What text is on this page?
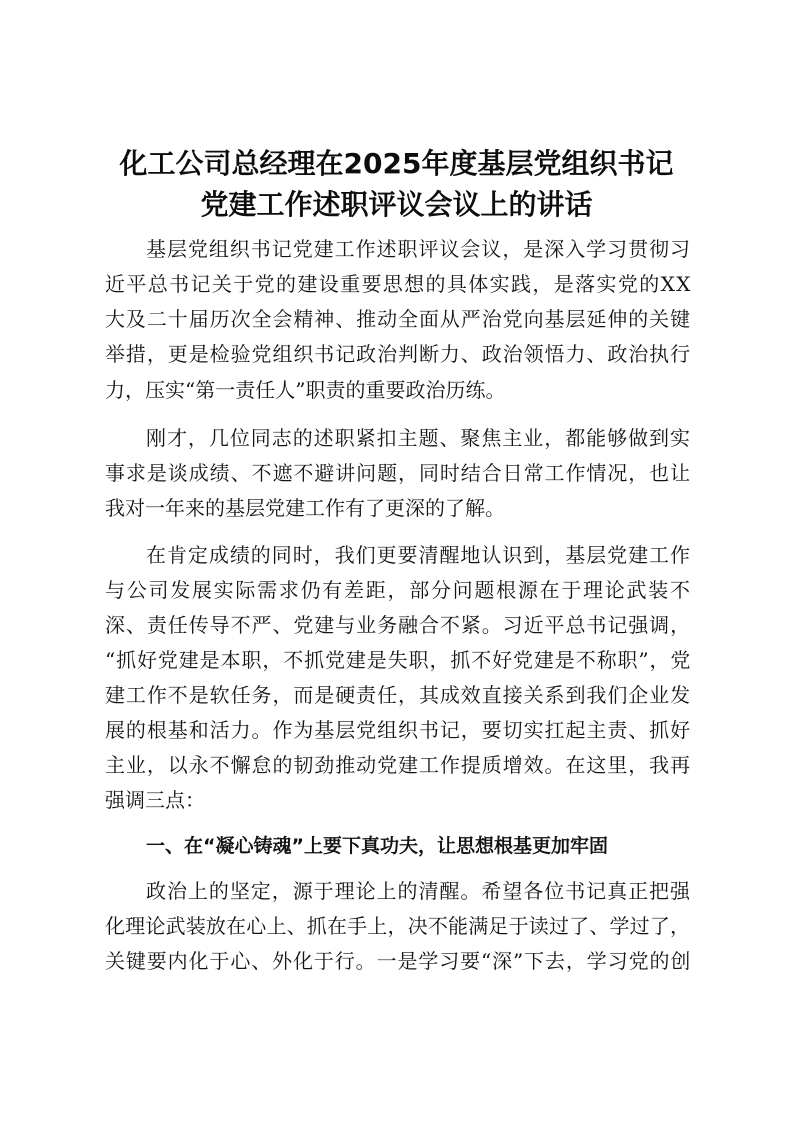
化工公司总经理在2025年度基层党组织书记
党建工作述职评议会议上的讲话
基层党组织书记党建工作述职评议会议，是深入学习贯彻习
近平总书记关于党的建设重要思想的具体实践，是落实党的XX
大及二十届历次全会精神、推动全面从严治党向基层延伸的关键
举措，更是检验党组织书记政治判断力、政治领悟力、政治执行
力，压实“第一责任人”职责的重要政治历练。
刚才，几位同志的述职紧扣主题、聚焦主业，都能够做到实
事求是谈成绩、不遮不避讲问题，同时结合日常工作情况，也让
我对一年来的基层党建工作有了更深的了解。
在肯定成绩的同时，我们更要清醒地认识到，基层党建工作
与公司发展实际需求仍有差距，部分问题根源在于理论武装不
深、责任传导不严、党建与业务融合不紧。习近平总书记强调，
“抓好党建是本职，不抓党建是失职，抓不好党建是不称职”，党
建工作不是软任务，而是硬责任，其成效直接关系到我们企业发
展的根基和活力。作为基层党组织书记，要切实扛起主责、抓好
主业，以永不懈怠的韧劲推动党建工作提质增效。在这里，我再
强调三点：
一、在“凝心铸魂”上要下真功夫，让思想根基更加牢固
政治上的坚定，源于理论上的清醒。希望各位书记真正把强
化理论武装放在心上、抓在手上，决不能满足于读过了、学过了，
关键要内化于心、外化于行。一是学习要“深”下去，学习党的创
